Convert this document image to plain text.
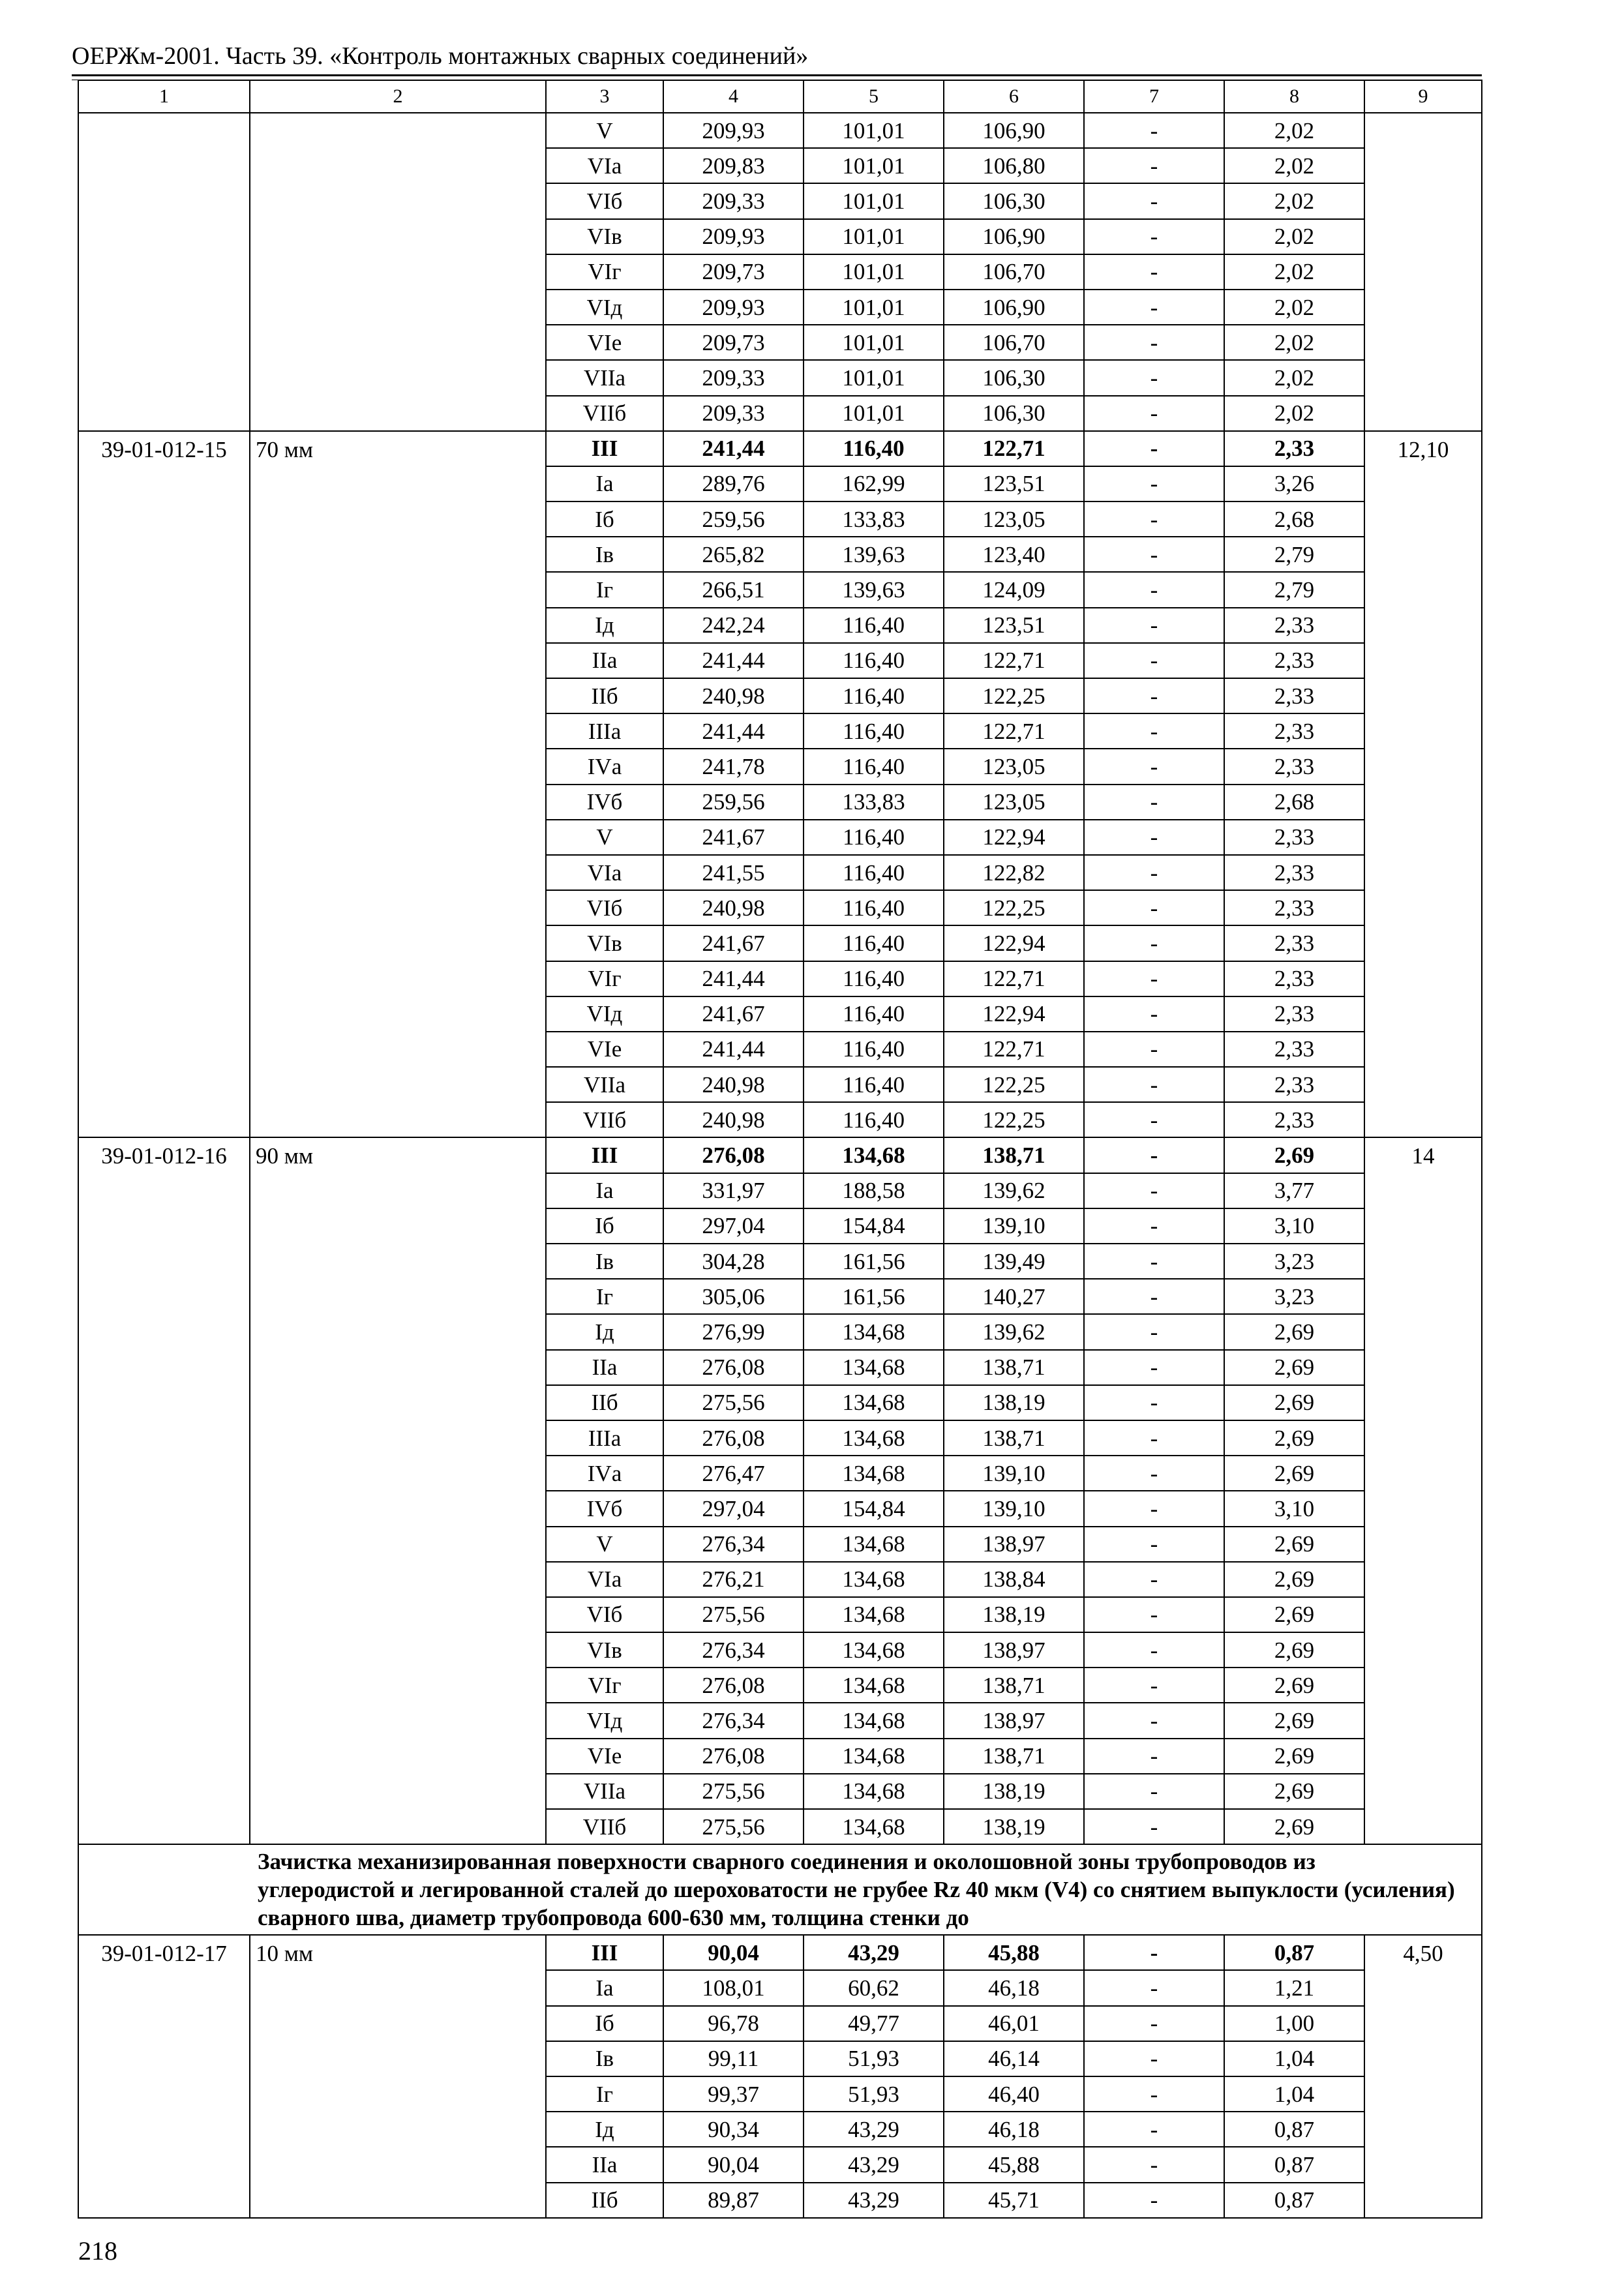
ОЕРЖм-2001. Часть 39. «Контроль монтажных сварных соединений»
1	2	3	4	5	6	7	8	9
		V	209,93	101,01	106,90	-	2,02	
		VIа	209,83	101,01	106,80	-	2,02	
		VIб	209,33	101,01	106,30	-	2,02	
		VIв	209,93	101,01	106,90	-	2,02	
		VIг	209,73	101,01	106,70	-	2,02	
		VIд	209,93	101,01	106,90	-	2,02	
		VIе	209,73	101,01	106,70	-	2,02	
		VIIа	209,33	101,01	106,30	-	2,02	
		VIIб	209,33	101,01	106,30	-	2,02	
39-01-012-15	70 мм	III	241,44	116,40	122,71	-	2,33	12,10
		Iа	289,76	162,99	123,51	-	3,26	
		Iб	259,56	133,83	123,05	-	2,68	
		Iв	265,82	139,63	123,40	-	2,79	
		Iг	266,51	139,63	124,09	-	2,79	
		Iд	242,24	116,40	123,51	-	2,33	
		IIа	241,44	116,40	122,71	-	2,33	
		IIб	240,98	116,40	122,25	-	2,33	
		IIIа	241,44	116,40	122,71	-	2,33	
		IVа	241,78	116,40	123,05	-	2,33	
		IVб	259,56	133,83	123,05	-	2,68	
		V	241,67	116,40	122,94	-	2,33	
		VIа	241,55	116,40	122,82	-	2,33	
		VIб	240,98	116,40	122,25	-	2,33	
		VIв	241,67	116,40	122,94	-	2,33	
		VIг	241,44	116,40	122,71	-	2,33	
		VIд	241,67	116,40	122,94	-	2,33	
		VIе	241,44	116,40	122,71	-	2,33	
		VIIа	240,98	116,40	122,25	-	2,33	
		VIIб	240,98	116,40	122,25	-	2,33	
39-01-012-16	90 мм	III	276,08	134,68	138,71	-	2,69	14
		Iа	331,97	188,58	139,62	-	3,77	
		Iб	297,04	154,84	139,10	-	3,10	
		Iв	304,28	161,56	139,49	-	3,23	
		Iг	305,06	161,56	140,27	-	3,23	
		Iд	276,99	134,68	139,62	-	2,69	
		IIа	276,08	134,68	138,71	-	2,69	
		IIб	275,56	134,68	138,19	-	2,69	
		IIIа	276,08	134,68	138,71	-	2,69	
		IVа	276,47	134,68	139,10	-	2,69	
		IVб	297,04	154,84	139,10	-	3,10	
		V	276,34	134,68	138,97	-	2,69	
		VIа	276,21	134,68	138,84	-	2,69	
		VIб	275,56	134,68	138,19	-	2,69	
		VIв	276,34	134,68	138,97	-	2,69	
		VIг	276,08	134,68	138,71	-	2,69	
		VIд	276,34	134,68	138,97	-	2,69	
		VIе	276,08	134,68	138,71	-	2,69	
		VIIа	275,56	134,68	138,19	-	2,69	
		VIIб	275,56	134,68	138,19	-	2,69	
Зачистка механизированная поверхности сварного соединения и околошовной зоны трубопроводов из углеродистой и легированной сталей до шероховатости не грубее Rz 40 мкм (V4) со снятием выпуклости (усиления) сварного шва, диаметр трубопровода 600-630 мм, толщина стенки до								
39-01-012-17	10 мм	III	90,04	43,29	45,88	-	0,87	4,50
		Iа	108,01	60,62	46,18	-	1,21	
		Iб	96,78	49,77	46,01	-	1,00	
		Iв	99,11	51,93	46,14	-	1,04	
		Iг	99,37	51,93	46,40	-	1,04	
		Iд	90,34	43,29	46,18	-	0,87	
		IIа	90,04	43,29	45,88	-	0,87	
		IIб	89,87	43,29	45,71	-	0,87	
218
